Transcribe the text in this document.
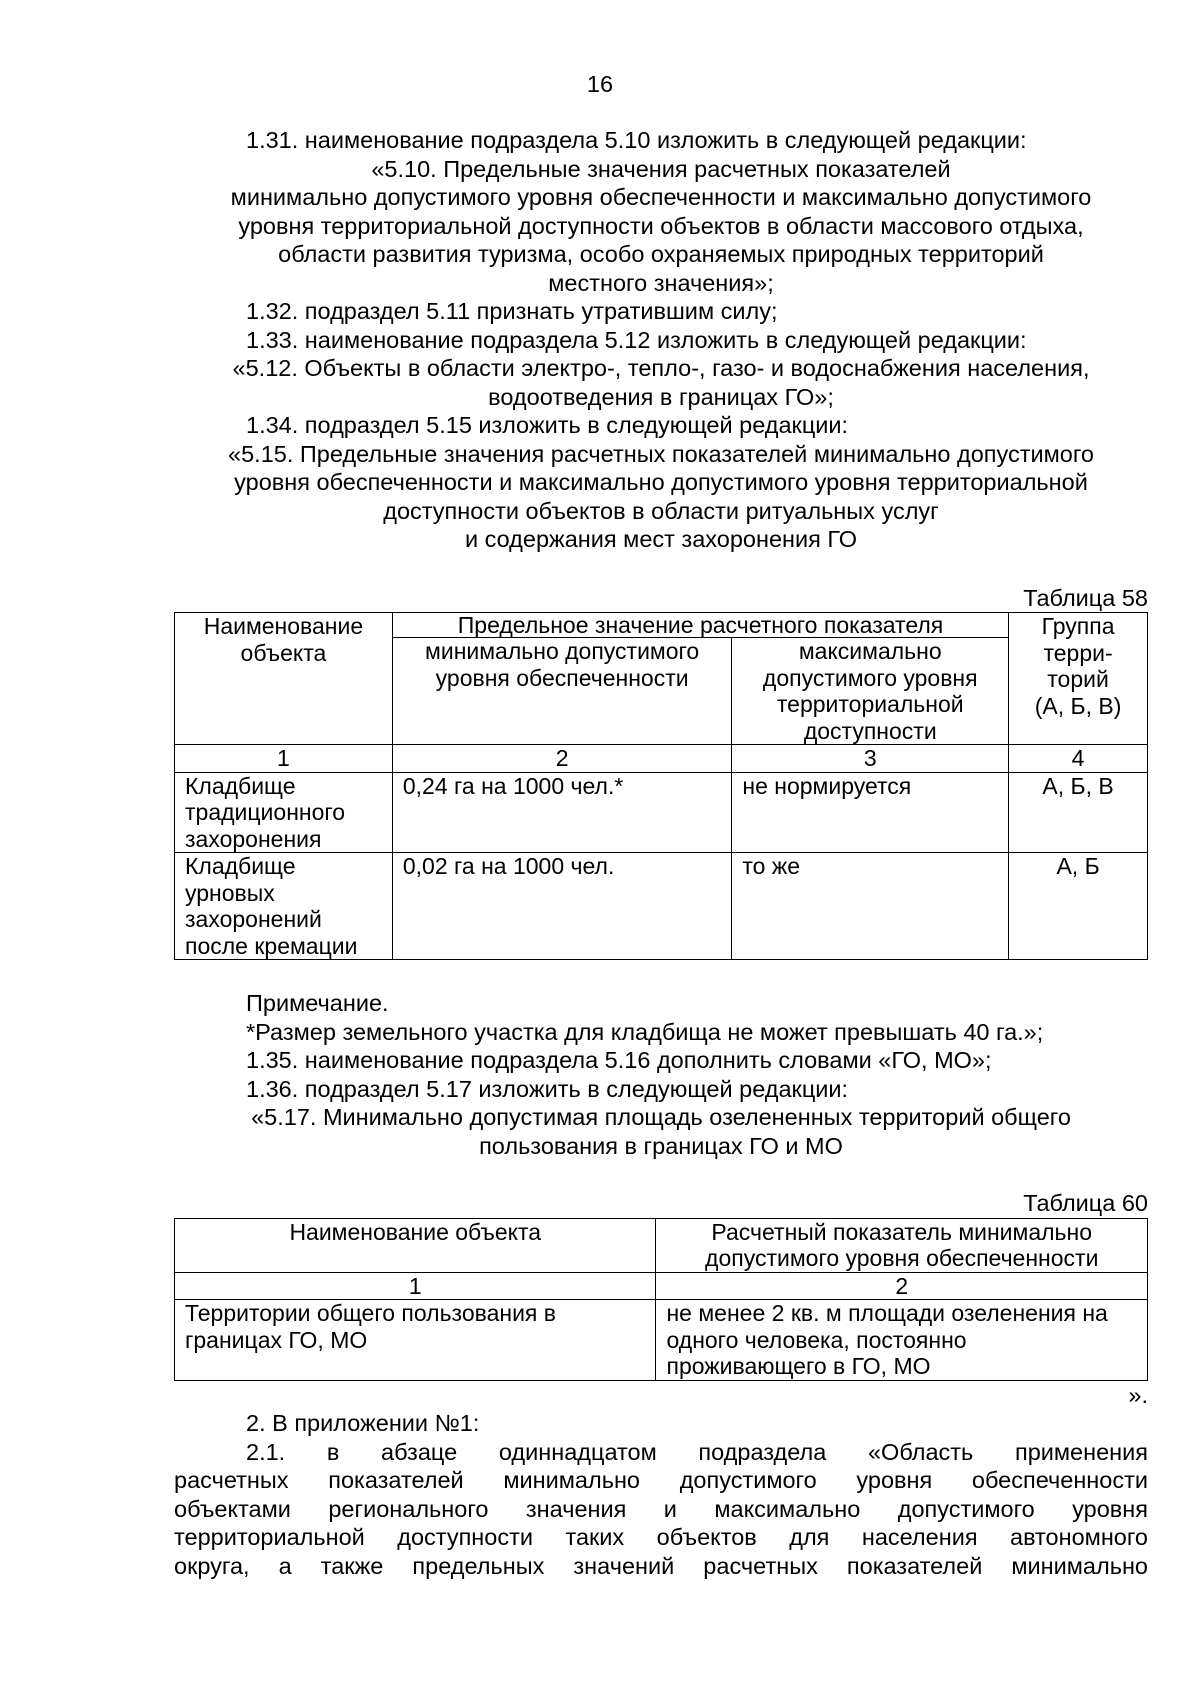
16

1.31. наименование подраздела 5.10 изложить в следующей редакции:

«5.10. Предельные значения расчетных показателей

минимально допустимого уровня обеспеченности и максимально допустимого

уровня территориальной доступности объектов в области массового отдыха,

области развития туризма, особо охраняемых природных территорий

местного значения»;

1.32. подраздел 5.11 признать утратившим силу;

1.33. наименование подраздела 5.12 изложить в следующей редакции:

«5.12. Объекты в области электро-, тепло-, газо- и водоснабжения населения,

водоотведения в границах ГО»;

1.34. подраздел 5.15 изложить в следующей редакции:

«5.15. Предельные значения расчетных показателей минимально допустимого

уровня обеспеченности и максимально допустимого уровня территориальной

доступности объектов в области ритуальных услуг

и содержания мест захоронения ГО

Таблица 58

Наименование объекта	Предельное значение расчетного показателя		Группа
терри-
торий
(А, Б, В)
	минимально допустимого
уровня обеспеченности	максимально
допустимого уровня
территориальной
доступности	
1	2	3	4
Кладбище
традиционного
захоронения	0,24 га на 1000 чел.*	не нормируется	А, Б, В
Кладбище
урновых
захоронений
после кремации	0,02 га на 1000 чел.	то же	А, Б

Примечание.

*Размер земельного участка для кладбища не может превышать 40 га.»;

1.35. наименование подраздела 5.16 дополнить словами «ГО, МО»;

1.36. подраздел 5.17 изложить в следующей редакции:

«5.17. Минимально допустимая площадь озелененных территорий общего

пользования в границах ГО и МО

Таблица 60

Наименование объекта	Расчетный показатель минимально
допустимого уровня обеспеченности
1	2
Территории общего пользования в
границах ГО, МО	не менее 2 кв. м площади озеленения на
одного человека, постоянно
проживающего в ГО, МО

».

2. В приложении №1:

2.1. в абзаце одиннадцатом подраздела «Область применения

расчетных показателей минимально допустимого уровня обеспеченности

объектами регионального значения и максимально допустимого уровня

территориальной доступности таких объектов для населения автономного

округа, а также предельных значений расчетных показателей минимально
